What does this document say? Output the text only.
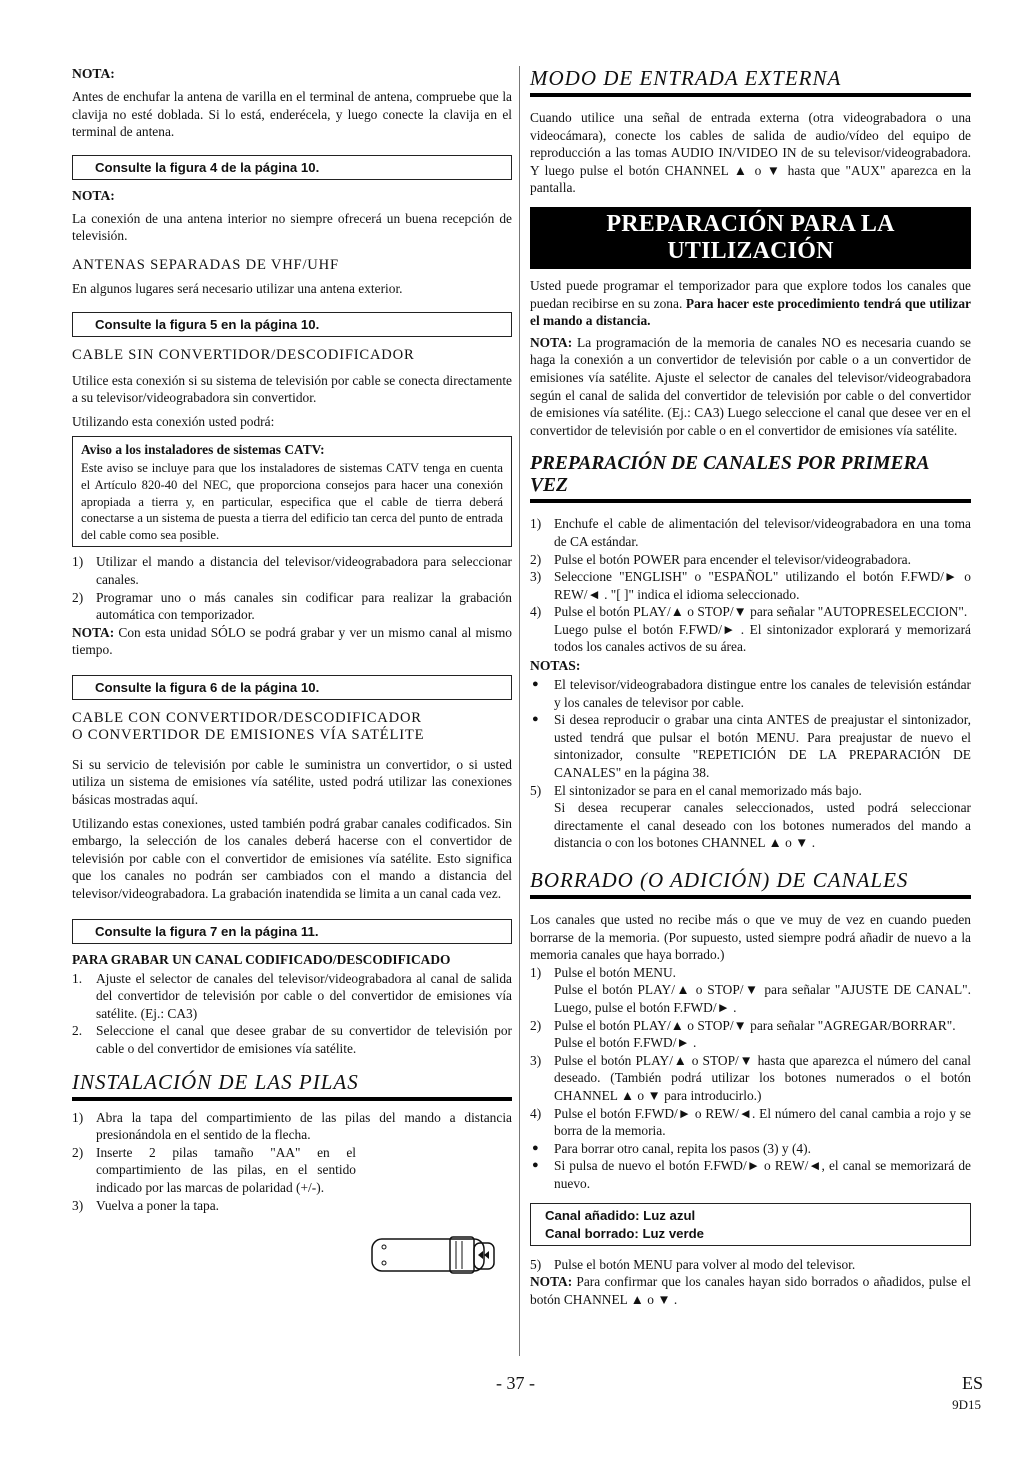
NOTA:

Antes de enchufar la antena de varilla en el terminal de antena, compruebe que la clavija no esté doblada. Si lo está, enderécela, y luego conecte la clavija en el terminal de antena.

Consulte la figura 4 de la página 10.
NOTA:

La conexión de una antena interior no siempre ofrecerá un buena recepción de televisión.

ANTENAS SEPARADAS DE VHF/UHF

En algunos lugares será necesario utilizar una antena exterior.

Consulte la figura 5 en la página 10.
CABLE SIN CONVERTIDOR/DESCODIFICADOR

Utilice esta conexión si su sistema de televisión por cable se conecta directamente a su televisor/videograbadora sin convertidor.

Utilizando esta conexión usted podrá:

Aviso a los instaladores de sistemas CATV:

Este aviso se incluye para que los instaladores de sistemas CATV tenga en cuenta el Artículo 820-40 del NEC, que proporciona consejos para hacer una conexión apropiada a tierra y, en particular, especifica que el cable de tierra deberá conectarse a un sistema de puesta a tierra del edificio tan cerca del punto de entrada del cable como sea posible.

1) Utilizar el mando a distancia del televisor/videograbadora para seleccionar canales.
2) Programar uno o más canales sin codificar para realizar la grabación automática con temporizador.

NOTA: Con esta unidad SÓLO se podrá grabar y ver un mismo canal al mismo tiempo.

Consulte la figura 6 de la página 10.
CABLE CON CONVERTIDOR/DESCODIFICADOR
O CONVERTIDOR DE EMISIONES VÍA SATÉLITE

Si su servicio de televisión por cable le suministra un convertidor, o si usted utiliza un sistema de emisiones vía satélite, usted podrá utilizar las conexiones básicas mostradas aquí.

Utilizando estas conexiones, usted también podrá grabar canales codificados. Sin embargo, la selección de los canales deberá hacerse con el convertidor de televisión por cable con el convertidor de emisiones vía satélite. Esto significa que los canales no podrán ser cambiados con el mando a distancia del televisor/videograbadora. La grabación inatendida se limita a un canal cada vez.

Consulte la figura 7 en la página 11.
PARA GRABAR UN CANAL CODIFICADO/DESCODIFICADO
1. Ajuste el selector de canales del televisor/videograbadora al canal de salida del convertidor de televisión por cable o del convertidor de emisiones vía satélite. (Ej.: CA3)
2. Seleccione el canal que desee grabar de su convertidor de televisión por cable o del convertidor de emisiones vía satélite.
INSTALACIÓN DE LAS PILAS
1) Abra la tapa del compartimiento de las pilas del mando a distancia presionándola en el sentido de la flecha.
2) Inserte 2 pilas tamaño "AA" en el compartimiento de las pilas, en el sentido indicado por las marcas de polaridad (+/-).
3) Vuelva a poner la tapa.
MODO DE ENTRADA EXTERNA

Cuando utilice una señal de entrada externa (otra videograbadora o una videocámara), conecte los cables de salida de audio/vídeo del equipo de reproducción a las tomas AUDIO IN/VIDEO IN de su televisor/videograbadora. Y luego pulse el botón CHANNEL ▲ o ▼ hasta que "AUX" aparezca en la pantalla.

PREPARACIÓN PARA LA UTILIZACIÓN

Usted puede programar el temporizador para que explore todos los canales que puedan recibirse en su zona. Para hacer este procedimiento tendrá que utilizar el mando a distancia.

NOTA: La programación de la memoria de canales NO es necesaria cuando se haga la conexión a un convertidor de televisión por cable o a un convertidor de emisiones vía satélite. Ajuste el selector de canales del televisor/videograbadora según el canal de salida del convertidor de televisión por cable o del convertidor de emisiones vía satélite. (Ej.: CA3) Luego seleccione el canal que desee ver en el convertidor de televisión por cable o en el convertidor de emisiones vía satélite.

PREPARACIÓN DE CANALES POR PRIMERA VEZ
1) Enchufe el cable de alimentación del televisor/videograbadora en una toma de CA estándar.
2) Pulse el botón POWER para encender el televisor/videograbadora.
3) Seleccione "ENGLISH" o "ESPAÑOL" utilizando el botón F.FWD/► o REW/◄ . "[ ]" indica el idioma seleccionado.
4) Pulse el botón PLAY/▲ o STOP/▼ para señalar "AUTOPRESELECCION".
Luego pulse el botón F.FWD/► . El sintonizador explorará y memorizará todos los canales activos de su área.
NOTAS:
● El televisor/videograbadora distingue entre los canales de televisión estándar y los canales de televisor por cable.
● Si desea reproducir o grabar una cinta ANTES de preajustar el sintonizador, usted tendrá que pulsar el botón MENU. Para preajustar de nuevo el sintonizador, consulte "REPETICIÓN DE LA PREPARACIÓN DE CANALES" en la página 38.
5) El sintonizador se para en el canal memorizado más bajo.
Si desea recuperar canales seleccionados, usted podrá seleccionar directamente el canal deseado con los botones numerados del mando a distancia o con los botones CHANNEL ▲ o ▼ .
BORRADO (O ADICIÓN) DE CANALES

Los canales que usted no recibe más o que ve muy de vez en cuando pueden borrarse de la memoria. (Por supuesto, usted siempre podrá añadir de nuevo a la memoria canales que haya borrado.)

1) Pulse el botón MENU.
Pulse el botón PLAY/▲ o STOP/▼ para señalar "AJUSTE DE CANAL". Luego, pulse el botón F.FWD/► .
2) Pulse el botón PLAY/▲ o STOP/▼ para señalar "AGREGAR/BORRAR".
Pulse el botón F.FWD/► .
3) Pulse el botón PLAY/▲ o STOP/▼ hasta que aparezca el número del canal deseado. (También podrá utilizar los botones numerados o el botón CHANNEL ▲ o ▼ para introducirlo.)
4) Pulse el botón F.FWD/► o REW/◄. El número del canal cambia a rojo y se borra de la memoria.
● Para borrar otro canal, repita los pasos (3) y (4).
● Si pulsa de nuevo el botón F.FWD/► o REW/◄, el canal se memorizará de nuevo.
Canal añadido: Luz azul
Canal borrado: Luz verde
5) Pulse el botón MENU para volver al modo del televisor.

NOTA: Para confirmar que los canales hayan sido borrados o añadidos, pulse el botón CHANNEL ▲ o ▼ .

- 37 -	ES
9D15
